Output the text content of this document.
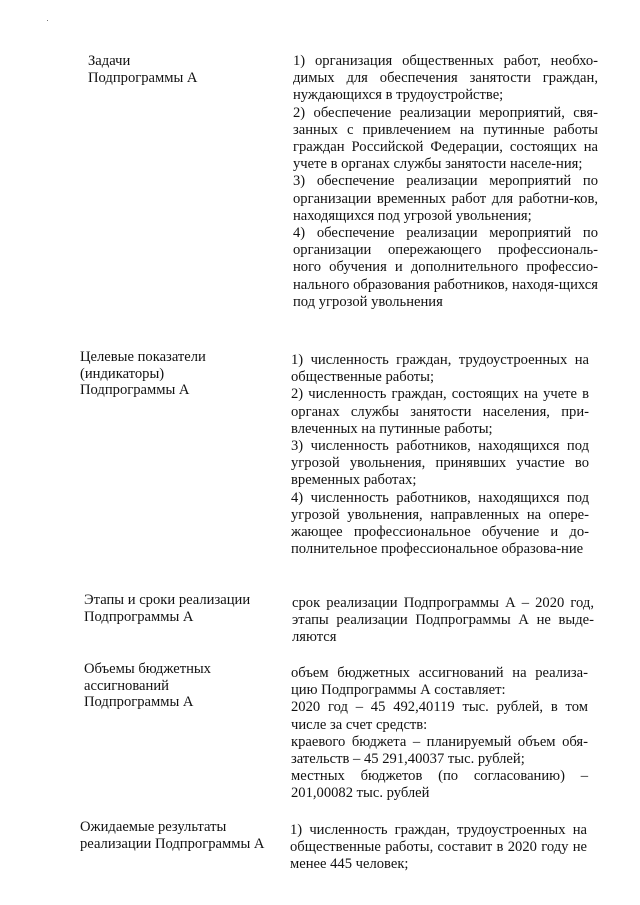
Задачи
Подпрограммы А

1) организация общественных работ, необхо-димых для обеспечения занятости граждан, нуждающихся в трудоустройстве;

2) обеспечение реализации мероприятий, свя-занных с привлечением на путинные работы граждан Российской Федерации, состоящих на учете в органах службы занятости населе-ния;

3) обеспечение реализации мероприятий по организации временных работ для работни-ков, находящихся под угрозой увольнения;

4) обеспечение реализации мероприятий по организации опережающего профессиональ-ного обучения и дополнительного профессио-нального образования работников, находя-щихся под угрозой увольнения

Целевые показатели
(индикаторы)
Подпрограммы А

1) численность граждан, трудоустроенных на общественные работы;

2) численность граждан, состоящих на учете в органах службы занятости населения, при-влеченных на путинные работы;

3) численность работников, находящихся под угрозой увольнения, принявших участие во временных работах;

4) численность работников, находящихся под угрозой увольнения, направленных на опере-жающее профессиональное обучение и до-полнительное профессиональное образова-ние

Этапы и сроки реализации
Подпрограммы А

срок реализации Подпрограммы А – 2020 год, этапы реализации Подпрограммы А не выде-ляются

Объемы бюджетных
ассигнований
Подпрограммы А

объем бюджетных ассигнований на реализа-цию Подпрограммы А составляет:

2020 год – 45 492,40119 тыс. рублей, в том числе за счет средств:

краевого бюджета – планируемый объем обя-зательств – 45 291,40037 тыс. рублей;

местных бюджетов (по согласованию) – 201,00082 тыс. рублей

Ожидаемые результаты
реализации Подпрограммы А

1) численность граждан, трудоустроенных на общественные работы, составит в 2020 году не менее 445 человек;
